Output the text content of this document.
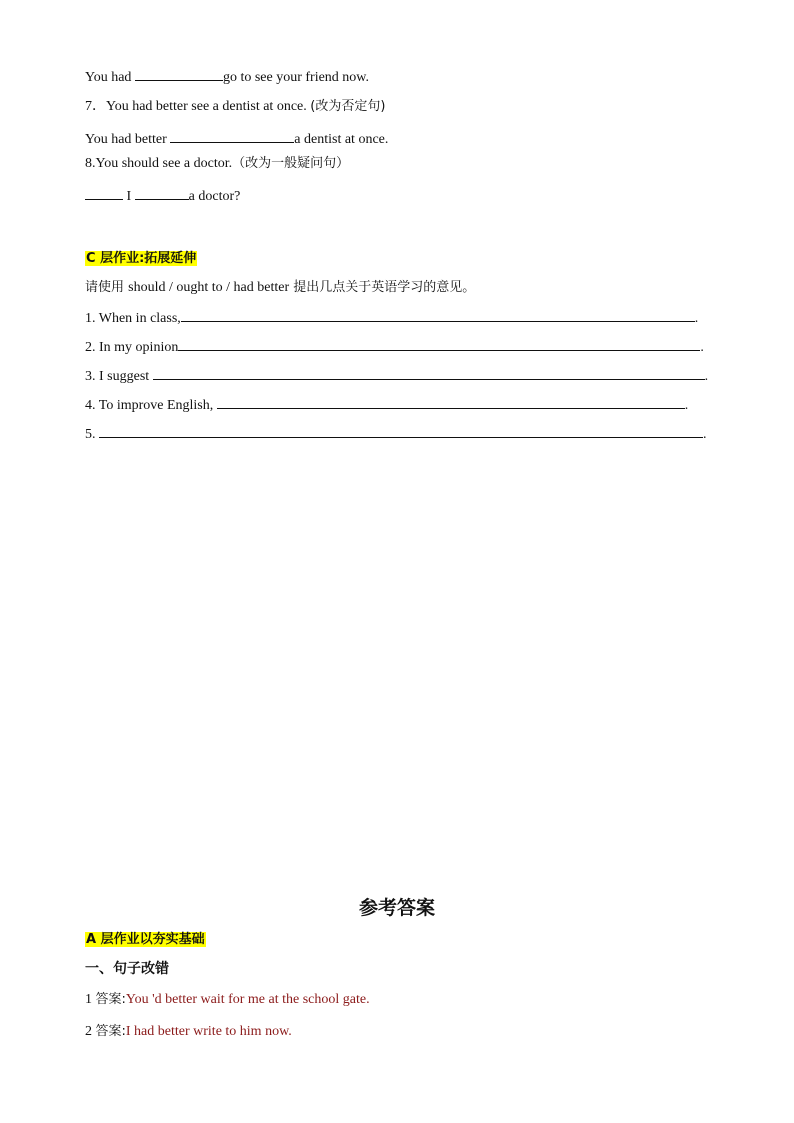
You had	go to see your friend now.
7．You had better see a dentist at once. (改为否定句)
You had better	a dentist at once.
8.You should see a doctor.（改为一般疑问句）
I	a doctor?
C 层作业:拓展延伸
请使用 should / ought to / had better 提出几点关于英语学习的意见。
1. When in class,	.
2. In my opinion	.
3. I suggest	.
4. To improve English,	.
5.	.
参考答案
A 层作业以夯实基础
一、句子改错
1 答案:You 'd better wait for me at the school gate.
2 答案:I had better write to him now.
